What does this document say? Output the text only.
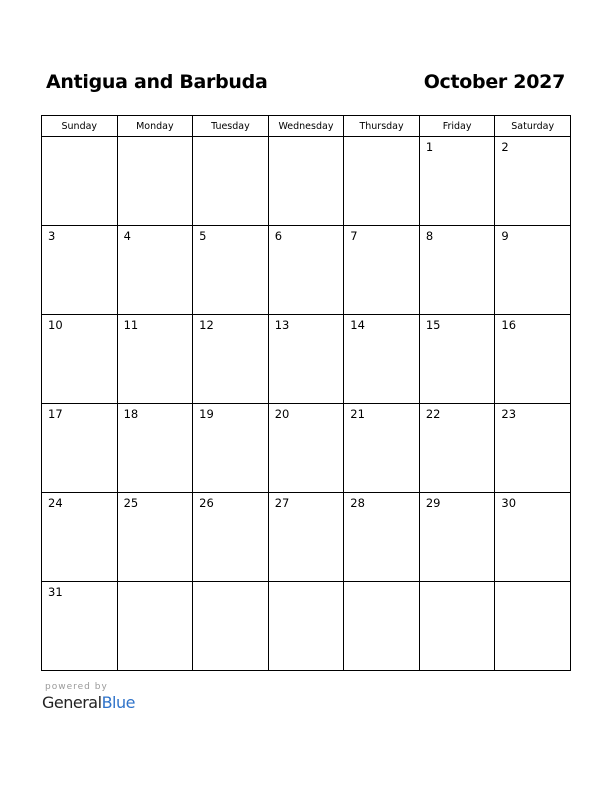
Antigua and Barbuda	October 2027
Sunday	Monday	Tuesday	Wednesday	Thursday	Friday	Saturday

					1	2

3	4	5	6	7	8	9

10	11	12	13	14	15	16

17	18	19	20	21	22	23

24	25	26	27	28	29	30

31						

powered by
GeneralBlue
